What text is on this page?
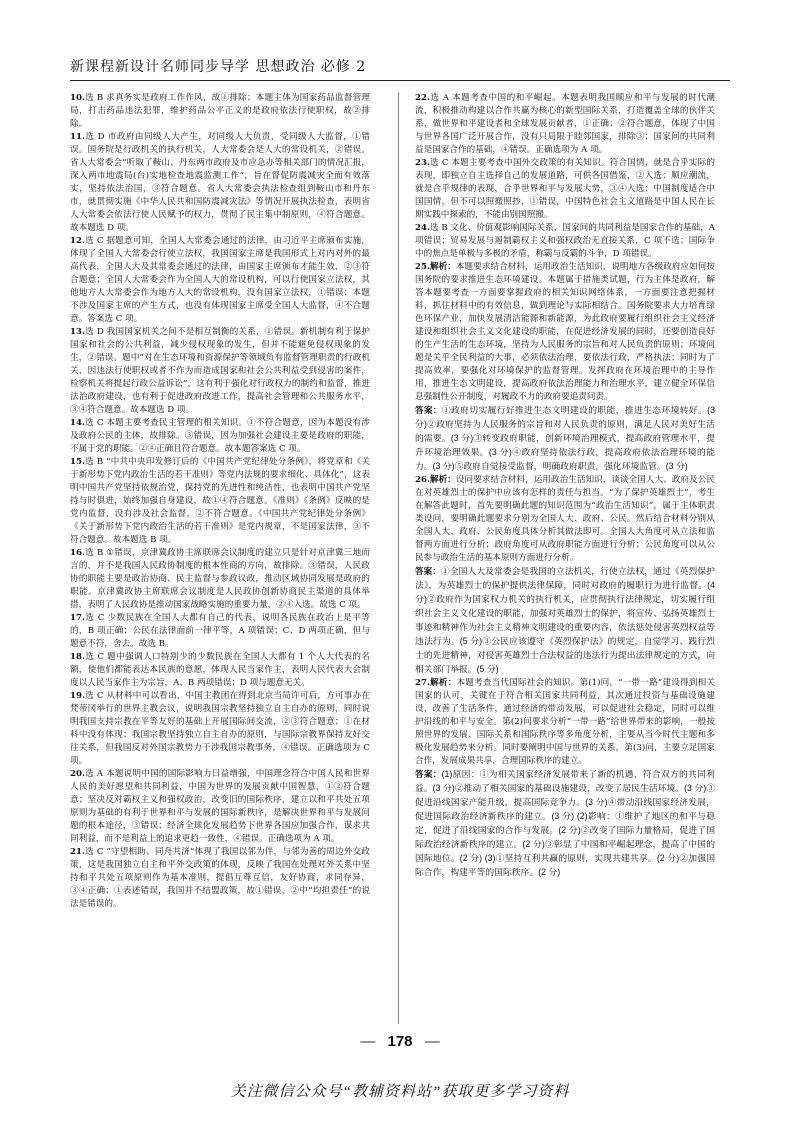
新课程新设计名师同步导学 思想政治 必修 2
10.选 B 求真务实是政府工作作风，故①排除；本题主体为国家药品监督管理局，打击药品违法犯罪，维护药品公平正义的是政府依法行使职权，故②排除。
11.选 D 市政府由同级人大产生，对同级人大负责，受同级人大监督，①错误。国务院是行政机关的执行机关，人大常委会是人大的常设机关，②错误。省人大常委会“听取了鞍山、丹东两市政府及市应急办等相关部门的情况汇报，深入两市地震局(台)实地检查地震监测工作”，旨在督促防震减灾全面有效落实，坚持依法治国，③符合题意。省人大常委会执法检查组到鞍山市和丹东市，就贯彻实施《中华人民共和国防震减灾法》等情况开展执法检查，表明省人大常委会依法行使人民赋予的权力，贯彻了民主集中制原则，④符合题意。故本题选 D 项。
12.选 C 据题意可知，全国人大常委会通过的法律，由习近平主席颁布实施，体现了全国人大常委会行使立法权，我国国家主席是我国形式上对内对外的最高代表，全国人大及其常委会通过的法律，由国家主席颁布才能生效，②③符合题意；全国人大常委会作为全国人大的常设机构，可以行使国家立法权，其他地方人大常委会作为地方人大的常设机构，没有国家立法权，①错误；本题不涉及国家主席的产生方式，也没有体现国家主席受全国人大监督，④不合题意。答案选 C 项。
13.选 D 我国国家机关之间不是相互制衡的关系，①错误。新机制有利于保护国家和社会的公共利益，减少侵权现象的发生，但并不能避免侵权现象的发生，②错误。题中“对在生态环境和资源保护等领域负有监督管理职责的行政机关，因违法行使职权或者不作为而造成国家和社会公共利益受到侵害的案件，检察机关将提起行政公益诉讼”，这有利于强化对行政权力的制约和监督，推进法治政府建设，也有利于促进政府改进工作，提高社会管理和公共服务水平，③④符合题意。故本题选 D 项。
14.选 C 本题主要考查民主管理的相关知识。①不符合题意，因为本题没有涉及政府公民的主体，故排除。③错误，因为加强社会建设主要是政府的职能，不属于党的职能。②④正确且符合题意。故本题答案选 C 项。
15.选 B “中共中央印发修订后的《中国共产党纪律处分条例》，将党章和《关于新形势下党内政治生活的若干准则》等党内法规的要求细化、具体化”，这表明中国共产党坚持依规治党，保持党的先进性和纯洁性，也表明中国共产党坚持与时俱进，始终加强自身建设，故①④符合题意。《准则》《条例》反映的是党内监督，没有涉及社会监督，②不符合题意。《中国共产党纪律处分条例》《关于新形势下党内政治生活的若干准则》是党内规章，不是国家法律，③不符合题意。故本题选 B 项。
16.选 B ①错误，京津冀政协主席联席会议制度的建立只是针对京津冀三地而言的，并不是我国人民政协制度的根本性商的方向，故排除。③错误，人民政协的职能主要是政治协商、民主监督与参政议政，推动区域协同发展是政府的职能。京津冀政协主席联席会议制度是人民政协创新协商民主渠道的具体举措，表明了人民政协是推动国家战略实施的重要力量，②④入选。故选 C 项。
17.选 C 少数民族在全国人大都有自己的代表，说明各民族在政治上是平等的，B 项正确；公民在法律面前一律平等，A 项错误；C、D 两项正确，但与题意不符，舍去。故选 B。
18.选 C 题中强调人口特别少的少数民族在全国人大都有 1 个人大代表的名额，使他们都能表达本民族的意愿，体现人民当家作主，表明人民代表大会制度以人民当家作主为宗旨，A、B 两项错误；D 项与题意无关。
19.选 C 从材料中可以看出，中国主教团在得到北京当局许可后，方可事办在梵蒂冈举行的世界主教会议，说明我国宗教坚持独立自主自办的原则，同时说明我国支持宗教在平等友好的基础上开展国际间交流，②③符合题意；①在材料中没有体现；我国宗教坚持独立自主自办的原则，与国际宗教界保持友好交往关系，但我国反对外国宗教势力干涉我国宗教事务，④错误。正确选项为 C 项。
20.选 A 本题说明中国的国际影响力日益增强，中国理念符合中国人民和世界人民的美好愿望和共同利益，中国为世界的发展贡献中国智慧，①②符合题意；坚决反对霸权主义和强权政治，改变旧的国际秩序，建立以和平共处五项原则为基础的有利于世界和平与发展的国际新秩序，是解决世界和平与发展问题的根本途径，③错误；经济全球化发展趋势下世界各国应加强合作，谋求共同利益，而不是利益上的追求更趋一致性，④错误。正确选项为 A 项。
21.选 C “守望相助、同舟共济”体现了我国以邻为伴，与邻为善的周边外交政策，这是我国独立自主和平外交政策的体现，反映了我国在处理对外关系中坚持和平共处五项原则作为基本准则，提倡互尊互信，友好协商，求同存异，③④正确；①表述错误，我国并不结盟政策，故①错误，②中“均担责任”的说法是错误的。
22.选 A 本题考查中国的和平崛起。本题表明我国顺应和平与发展的时代潮流，积极推动构建以合作共赢为核心的新型国际关系，打造覆盖全球的伙伴关系，做世界和平建设者和全球发展贡献者，①正确；②符合题意，体现了中国与世界各国广泛开展合作，没有只局限于睦邻国家，排除③；国家间的共同利益是国家合作的基础，④错误。正确选项为 A 项。
23.选 C 本题主要考查中国外交政策的有关知识。符合国情，就是合乎实际的表现，即独立自主选择自己的发展道路，可供各国借鉴，②入选；顺应潮流，就是合乎规律的表现，合乎世界和平与发展大势，③④入选；中国制度适合中国国情，但不可以照搬照抄，①错误，中国特色社会主义道路是中国人民在长期实践中探索的，不能由别国照搬。
24.选 B 文化、价值观影响国际关系，国家间的共同利益是国家合作的基础，A 项错误；贸易发展与遏制霸权主义和强权政治无直接关系，C 项不选；国际争中的焦点是单极与多极的矛盾，称霸与反霸的斗争，D 项错误。
25.解析：本题要求结合材料，运用政治生活知识，说明地方各级政府应如何按国务院的要求推进生态环境建设。本题属于措施类试题，行为主体是政府，解答本题要考查一方面要掌握政府的相关知识网络体系，一方面要注意把握材料，抓住材料中的有效信息，做到理论与实际相结合。国务院要求大力培育绿色环保产业，加快发展清洁能源和新能源，为此政府要履行组织社会主义经济建设和组织社会主义文化建设的职能，在促进经济发展的同时，还要创造良好的生产生活的生态环境，坚持为人民服务的宗旨和对人民负责的原则；环境问题是关乎全民利益的大事，必须依法治理，要依法行政，严格执法；同时为了提高效率，要强化对环境保护的监督管理。发挥政府在环境治理中的主导作用，推进生态文明建设，提高政府依法治理能力和治理水平，建立健全环保信息强制性公开制度，对履政不力的政府要追责问责。
答案：①政府切实履行好推进生态文明建设的职能，推进生态环境转好。(3 分)②政府坚持为人民服务的宗旨和对人民负责的原则，满足人民对美好生活的需要。(3 分)③转变政府职能，创新环境治理模式，提高政府管理水平，提升环境治理效果。(3 分)④政府坚持依法行政，提高政府依法治理环境的能力。(3 分)⑤政府自觉接受监督，明确政府职责，强化环境监管。(3 分)
26.解析：设问要求结合材料，运用政治生活知识，谈谈全国人大、政府及公民在对英雄烈士的保护中应该有怎样的责任与担当。“为了保护英雄烈士”，考生在解答此题时，首先要明确此题的知识范围为“政治生活知识”，属于主体职责类设问，要明确此题要求分别为全国人大、政府、公民。然后结合材料分别从全国人大、政府、公民角度具体分析其做法即可。全国人大角度可从立法和监督两方面进行分析；政府角度可从政府职能方面进行分析；公民角度可以从公民参与政治生活的基本原则方面进行分析。
答案：①全国人大及常委会是我国的立法机关，行使立法权，通过《英烈保护法》，为英雄烈士的保护提供法律保障，同时对政府的履职行为进行监督。(4 分)②政府作为国家权力机关的执行机关，应贯彻执行法律规定，切实履行组织社会主义文化建设的职能，加强对英雄烈士的保护，将宣传、弘扬英雄烈士事迹和精神作为社会主义精神文明建设的重要内容，依法惩处侵害英烈权益等违法行为。(5 分)③公民应该遵守《英烈保护法》的规定，自觉学习、践行烈士的先进精神，对侵害英雄烈士合法权益的违法行为提出法律规定的方式，向相关部门举报。(5 分)
27.解析：本题考查当代国际社会的知识。第(1)问，“一带一路”建设得到相关国家的认可，关键在于符合相关国家共同利益，其次通过投资与基础设施建设，改善了生活条件，通过经济的带动发展，可以促进社会稳定，同时可以维护沿线的和平与安全。第(2)问要求分析“一带一路”给世界带来的影响，一般按照世界的发展、国际关系和国际秩序等多角度分析，主要从当今时代主题和多极化发展趋势来分析。同时要阐明中国与世界的关系，第(3)问，主要立足国家合作，发展成果共享，合理国际秩序的建立。
答案：(1)原因：①为相关国家经济发展带来了新的机遇，符合双方的共同利益。(3 分)②推动了相关国家的基础设施建设，改变了居民生活环境。(3 分)③促进沿线国家产能升级，提高国际竞争力。(3 分)④带动沿线国家经济发展，促进国际政治经济新秩序的建立。(3 分) (2)影响：①维护了地区的和平与稳定，促进了沿线国家的合作与发展。(2 分)②改变了国际力量格局，促进了国际政治经济新秩序的建立。(2 分)③彰显了中国和平崛起理念，提高了中国的国际地位。(2 分) (3)①坚持互利共赢的原则，实现共建共享。(2 分)②加强国际合作，构建平等的国际秩序。(2 分)
— 178 —
关注微信公众号“教辅资料站”获取更多学习资料
